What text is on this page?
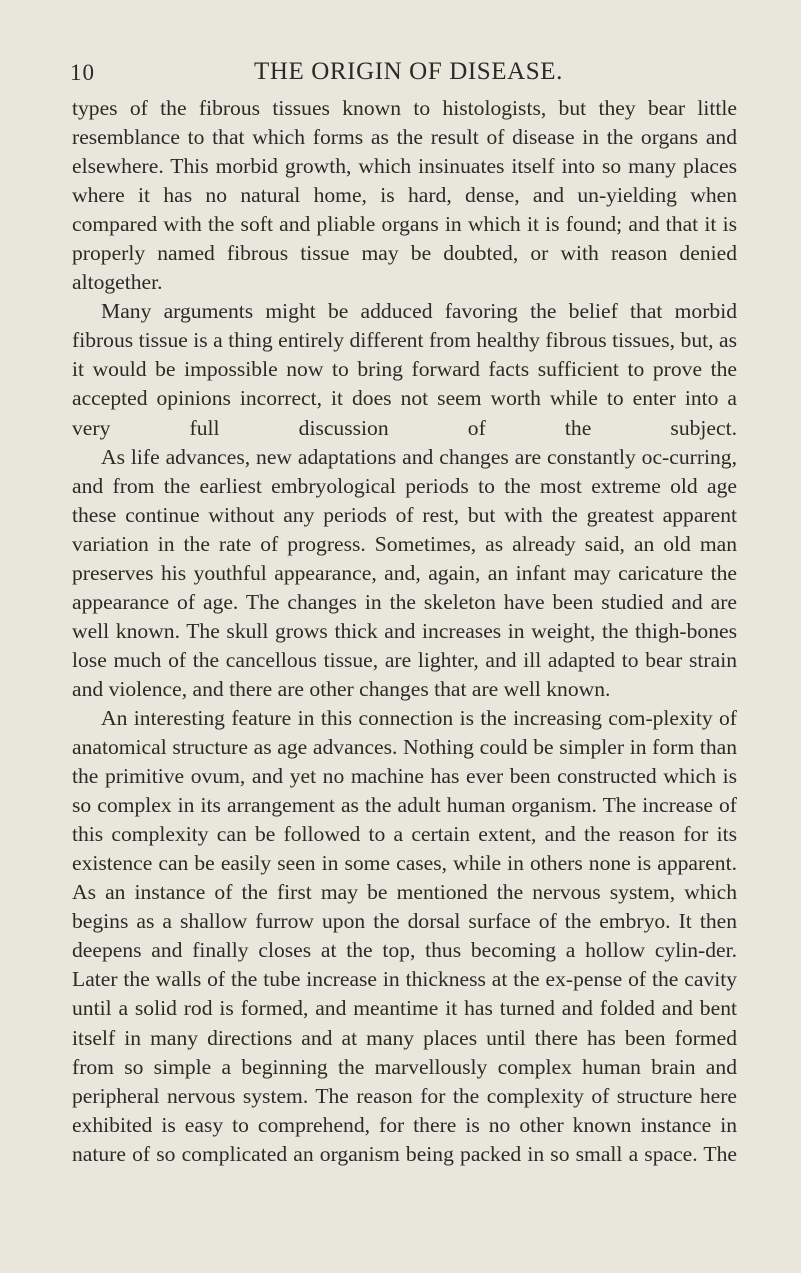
10	THE ORIGIN OF DISEASE.

types of the fibrous tissues known to histologists, but they bear little resemblance to that which forms as the result of disease in the organs and elsewhere. This morbid growth, which insinuates itself into so many places where it has no natural home, is hard, dense, and un-yielding when compared with the soft and pliable organs in which it is found; and that it is properly named fibrous tissue may be doubted, or with reason denied altogether.

Many arguments might be adduced favoring the belief that morbid fibrous tissue is a thing entirely different from healthy fibrous tissues, but, as it would be impossible now to bring forward facts sufficient to prove the accepted opinions incorrect, it does not seem worth while to enter into a very full discussion of the subject.

As life advances, new adaptations and changes are constantly oc-curring, and from the earliest embryological periods to the most extreme old age these continue without any periods of rest, but with the greatest apparent variation in the rate of progress. Sometimes, as already said, an old man preserves his youthful appearance, and, again, an infant may caricature the appearance of age. The changes in the skeleton have been studied and are well known. The skull grows thick and increases in weight, the thigh-bones lose much of the cancellous tissue, are lighter, and ill adapted to bear strain and violence, and there are other changes that are well known.

An interesting feature in this connection is the increasing com-plexity of anatomical structure as age advances. Nothing could be simpler in form than the primitive ovum, and yet no machine has ever been constructed which is so complex in its arrangement as the adult human organism. The increase of this complexity can be followed to a certain extent, and the reason for its existence can be easily seen in some cases, while in others none is apparent. As an instance of the first may be mentioned the nervous system, which begins as a shallow furrow upon the dorsal surface of the embryo. It then deepens and finally closes at the top, thus becoming a hollow cylin-der. Later the walls of the tube increase in thickness at the ex-pense of the cavity until a solid rod is formed, and meantime it has turned and folded and bent itself in many directions and at many places until there has been formed from so simple a beginning the marvellously complex human brain and peripheral nervous system. The reason for the complexity of structure here exhibited is easy to comprehend, for there is no other known instance in nature of so complicated an organism being packed in so small a space. The
